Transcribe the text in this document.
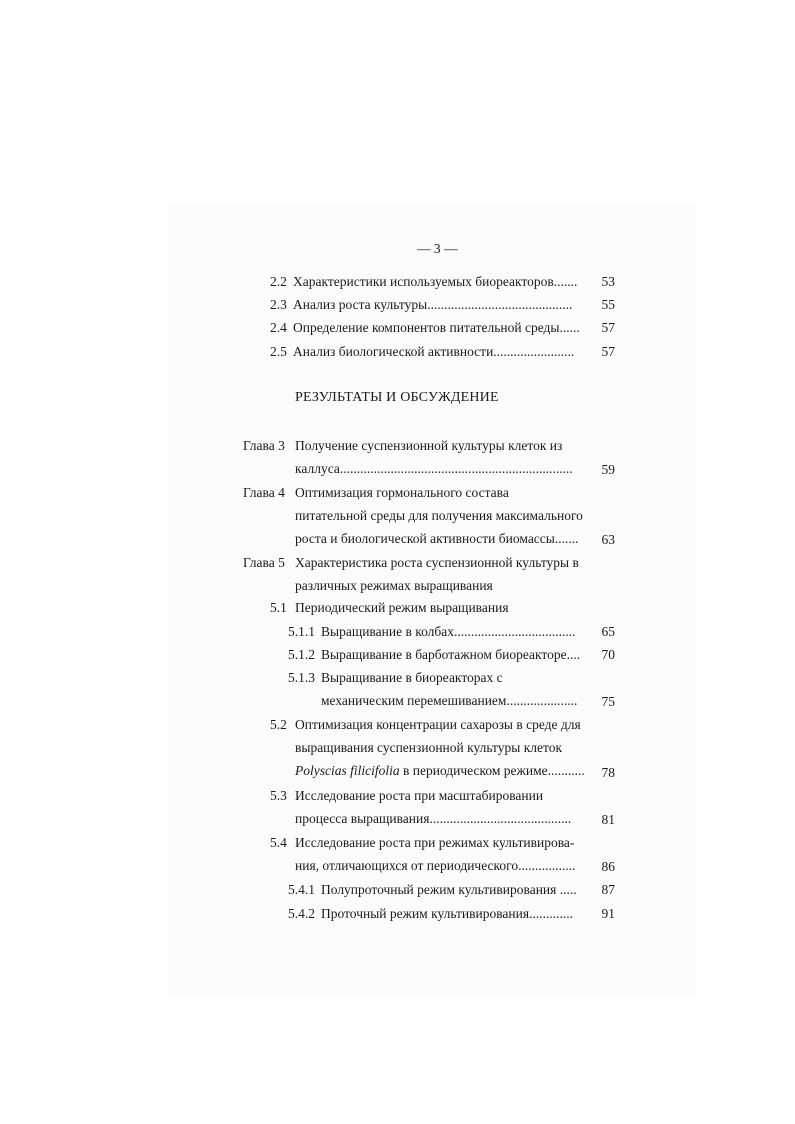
— 3 —
2.2 Характеристики используемых биореакторов.......	53
2.3 Анализ роста культуры...........................................	55
2.4 Определение компонентов питательной среды......	57
2.5 Анализ биологической активности........................	57
РЕЗУЛЬТАТЫ И ОБСУЖДЕНИЕ
Глава 3 Получение суспензионной культуры клеток из
каллуса.....................................................................	59
Глава 4 Оптимизация гормонального состава
питательной среды для получения максимального
роста и биологической активности биомассы.......	63
Глава 5 Характеристика роста суспензионной культуры в
различных режимах выращивания
5.1 Периодический режим выращивания
5.1.1 Выращивание в колбах....................................	65
5.1.2 Выращивание в барботажном биореакторе....	70
5.1.3 Выращивание в биореакторах с
механическим перемешиванием.....................	75
5.2 Оптимизация концентрации сахарозы в среде для
выращивания суспензионной культуры клеток
Polyscias filicifolia в периодическом режиме...........	78
5.3 Исследование роста при масштабировании
процесса выращивания..........................................	81
5.4 Исследование роста при режимах культивирова-
ния, отличающихся от периодического.................	86
5.4.1 Полупроточный режим культивирования .....	87
5.4.2 Проточный режим культивирования.............	91
